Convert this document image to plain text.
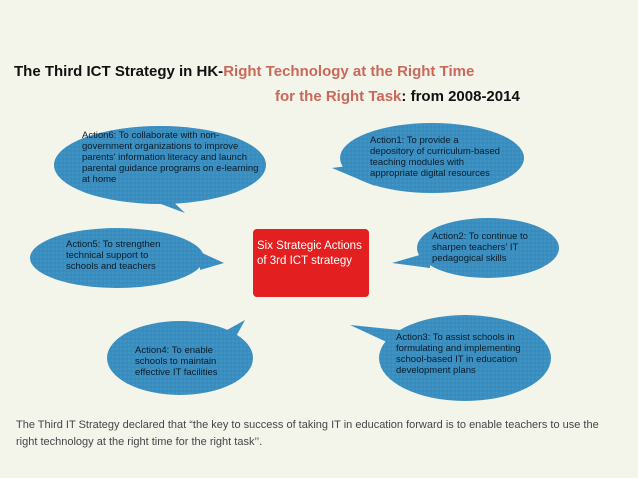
The Third ICT Strategy in HK-Right Technology at the Right Time
for the Right Task: from 2008-2014
Action6: To collaborate with non-government organizations to improve parents' information literacy and launch parental guidance programs on e-learning at home
Action1: To provide a depository of curriculum-based teaching modules with appropriate digital resources
Action5: To strengthen technical support to schools and teachers
Action2: To continue to sharpen teachers' IT pedagogical skills
Action4: To enable schools to maintain effective IT facilities
Action3: To assist schools in formulating and implementing school-based IT in education development plans
Six Strategic Actions of 3rd ICT strategy
The Third IT Strategy declared that “the key to success of taking IT in education forward is to enable teachers to use the right technology at the right time for the right task’’.
